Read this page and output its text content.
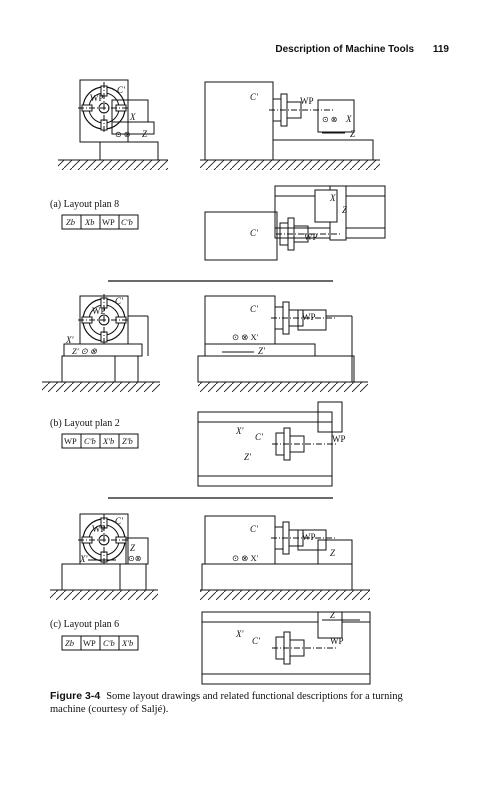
Description of Machine Tools 119
C'
WP
X
⊙ ⊗ Z
C'	WP
⊙ ⊗ X
Z
C'	WP
X
Z
(a) Layout plan 8
Zb Xb WP C'b
C'
WP
X'
Z' ⊙ ⊗
C'
WP
⊙ ⊗ X'
Z'
X'
C'
Z'
WP
(b) Layout plan 2
WP C'b X'b Z'b
C'
WP
X'
Z
⊙⊗
C'
WP
⊙ ⊗ X'	Z
Z
X'
C'	WP
(c) Layout plan 6
Zb WP C'b X'b
Figure 3-4 Some layout drawings and related functional descriptions for a turning machine (courtesy of Saljé).
